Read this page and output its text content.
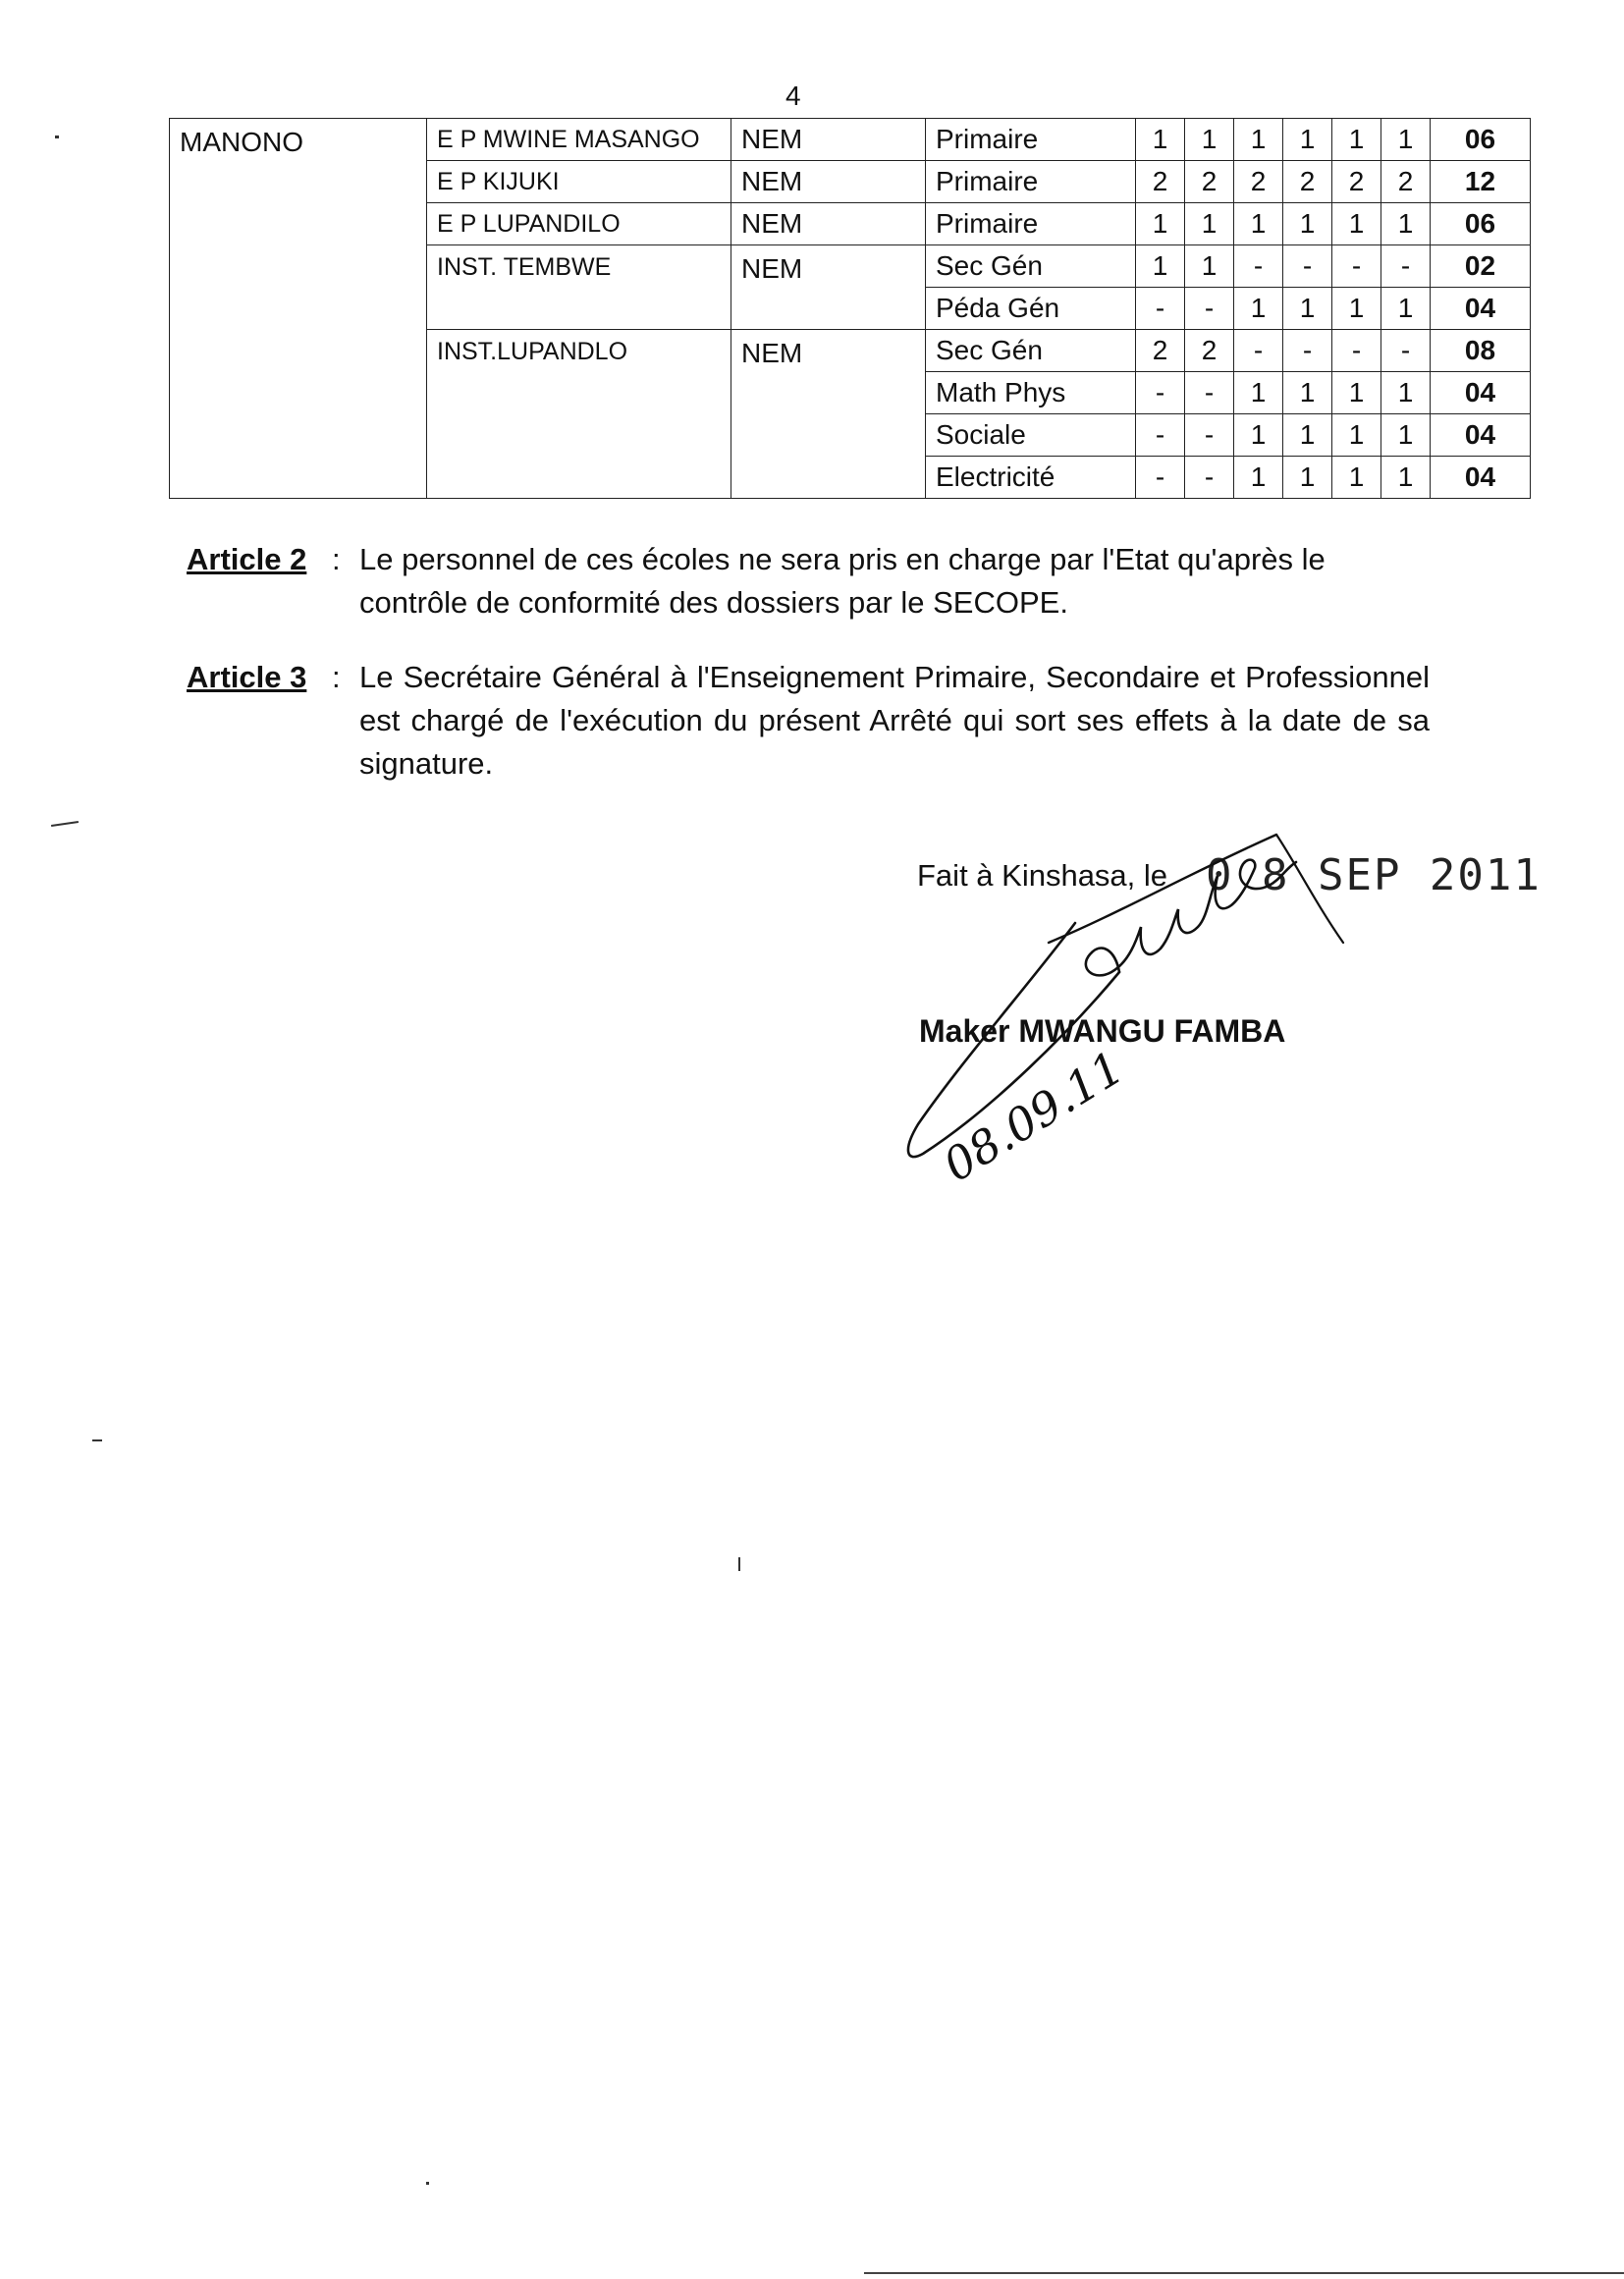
4
MANONO	E P MWINE MASANGO	NEM	Primaire	1	1	1	1	1	1	06
	E P KIJUKI	NEM	Primaire	2	2	2	2	2	2	12
	E P LUPANDILO	NEM	Primaire	1	1	1	1	1	1	06
	INST. TEMBWE	NEM	Sec Gén	1	1	-	-	-	-	02
			Péda Gén	-	-	1	1	1	1	04
	INST.LUPANDLO	NEM	Sec Gén	2	2	-	-	-	-	08
			Math Phys	-	-	1	1	1	1	04
			Sociale	-	-	1	1	1	1	04
			Electricité	-	-	1	1	1	1	04
Article 2 : Le personnel de ces écoles ne sera pris en charge par l'Etat qu'après le contrôle de conformité des dossiers par le SECOPE.
Article 3 : Le Secrétaire Général à l'Enseignement Primaire, Secondaire et Professionnel est chargé de l'exécution du présent Arrêté qui sort ses effets à la date de sa signature.
Fait à Kinshasa, le 0 8 SEP 2011
Maker MWANGU FAMBA
08.09.11
